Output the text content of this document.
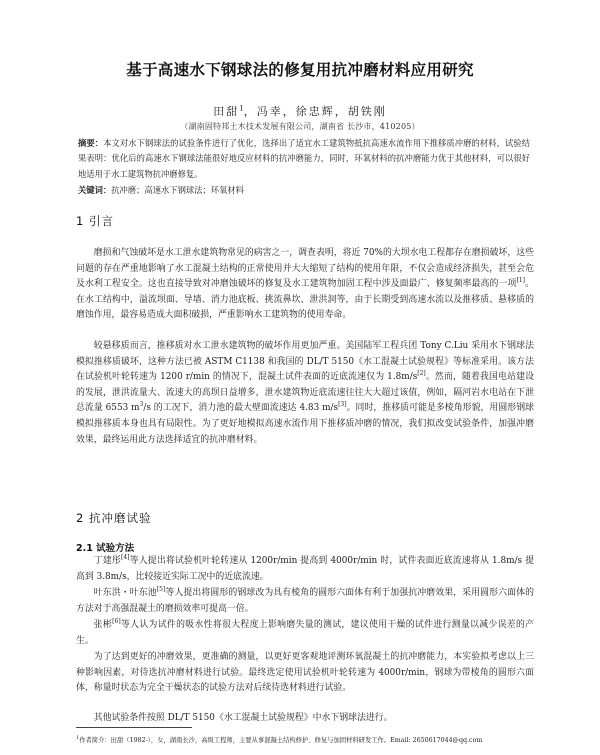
基于高速水下钢球法的修复用抗冲磨材料应用研究
田甜$^1$，冯幸，徐忠辉，胡铁刚
（湖南固特邦土木技术发展有限公司，湖南省 长沙市，410205）
摘要：本文对水下钢球法的试验条件进行了优化，选择出了适宜水工建筑物抵抗高速水流作用下推移质冲磨的材料，试验结果表明：优化后的高速水下钢球法能很好地反应材料的抗冲磨能力，同时，环氧材料的抗冲磨能力优于其他材料，可以很好地适用于水工建筑物抗冲磨修复。
关键词：抗冲磨；高速水下钢球法；环氧材料
1 引言
磨损和气蚀破坏是水工泄水建筑物常见的病害之一，调查表明，将近 70%的大坝水电工程都存在磨损破坏，这些问题的存在严重地影响了水工混凝土结构的正常使用并大大缩短了结构的使用年限，不仅会造成经济损失，甚至会危及水利工程安全。这也直接导致对冲磨蚀破坏的修复及水工建筑物加固工程中涉及面最广、修复频率最高的一项[1]。在水工结构中，溢流坝面、导墙、消力池底板、挑流鼻坎、泄洪洞等，由于长期受到高速水流以及推移质、悬移质的磨蚀作用，最容易造成大面积破损，严重影响水工建筑物的使用寿命。
较悬移质而言，推移质对水工泄水建筑物的破坏作用更加严重。美国陆军工程兵团 Tony C.Liu 采用水下钢球法模拟推移质破坏，这种方法已被 ASTM C1138 和我国的 DL/T 5150《水工混凝土试验规程》等标准采用。该方法在试验机叶轮转速为 1200 r/min 的情况下，混凝土试件表面的近底流速仅为 1.8m/s[2]。然而，随着我国电站建设的发展，泄洪流量大、流速大的高坝日益增多，泄水建筑物近底流速往往大大超过该值，例如，隔河岩水电站在下泄总流量 6553 $m^3/s$ 的工况下，消力池的最大壁面流速达 4.83 m/s[3]。同时，推移质可能是多棱角形貌，用圆形钢球模拟推移质本身也具有局限性。为了更好地模拟高速水流作用下推移质冲磨的情况，我们拟改变试验条件，加强冲磨效果，最终运用此方法选择适宜的抗冲磨材料。
2 抗冲磨试验
2.1 试验方法
丁建彤[4]等人提出将试验机叶轮转速从 1200r/min 提高到 4000r/min 时，试件表面近底流速将从 1.8m/s 提高到 3.8m/s，比较接近实际工况中的近底流速。
叶东洪・叶东池[5]等人提出将圆形的钢球改为具有棱角的圆形六面体有利于加强抗冲磨效果，采用圆形六面体的方法对于高强混凝土的磨损效率可提高一倍。
张彬[6]等人认为试件的吸水性将很大程度上影响磨失量的测试，建议使用干燥的试件进行测量以减少误差的产生。
为了达到更好的冲磨效果，更准确的测量，以更好更客观地评测环氧混凝土的抗冲磨能力，本实验拟考虑以上三种影响因素，对待选抗冲磨材料进行试验。最终选定使用试验机叶轮转速为 4000r/min，钢球为带棱角的圆形六面体，称量时状态为完全干燥状态的试验方法对后续待选材料进行试验。
其他试验条件按照 DL/T 5150《水工混凝土试验规程》中水下钢球法进行。
$^1$作者简介：田甜（1982-），女，湖南长沙，高级工程师，主要从事混凝土结构修护、修复与加固材料研发工作。Email: 2650617044@qq.com
